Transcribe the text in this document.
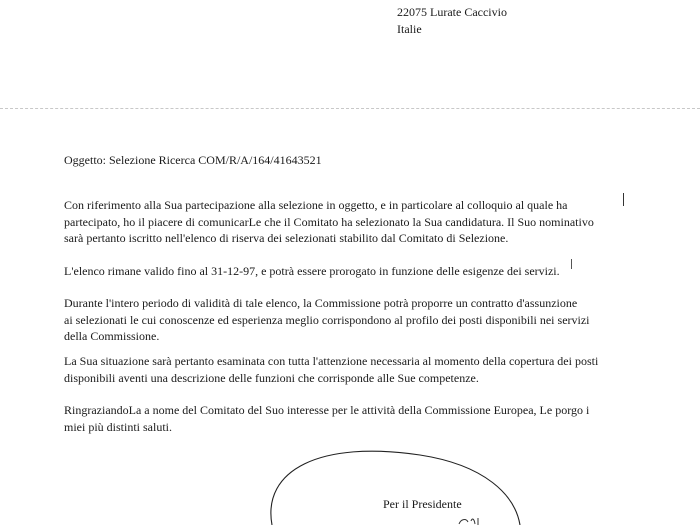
22075 Lurate Caccivio
Italie
Oggetto: Selezione Ricerca COM/R/A/164/41643521
Con riferimento alla Sua partecipazione alla selezione in oggetto, e in particolare al colloquio al quale ha
partecipato, ho il piacere di comunicarLe che il Comitato ha selezionato la Sua candidatura. Il Suo nominativo
sarà pertanto iscritto nell'elenco di riserva dei selezionati stabilito dal Comitato di Selezione.
L'elenco rimane valido fino al 31-12-97, e potrà essere prorogato in funzione delle esigenze dei servizi.
Durante l'intero periodo di validità di tale elenco, la Commissione potrà proporre un contratto d'assunzione
ai selezionati le cui conoscenze ed esperienza meglio corrispondono al profilo dei posti disponibili nei servizi
della Commissione.
La Sua situazione sarà pertanto esaminata con tutta l'attenzione necessaria al momento della copertura dei posti
disponibili aventi una descrizione delle funzioni che corrisponde alle Sue competenze.
RingraziandoLa a nome del Comitato del Suo interesse per le attività della Commissione Europea, Le porgo i
miei più distinti saluti.
Per il Presidente
